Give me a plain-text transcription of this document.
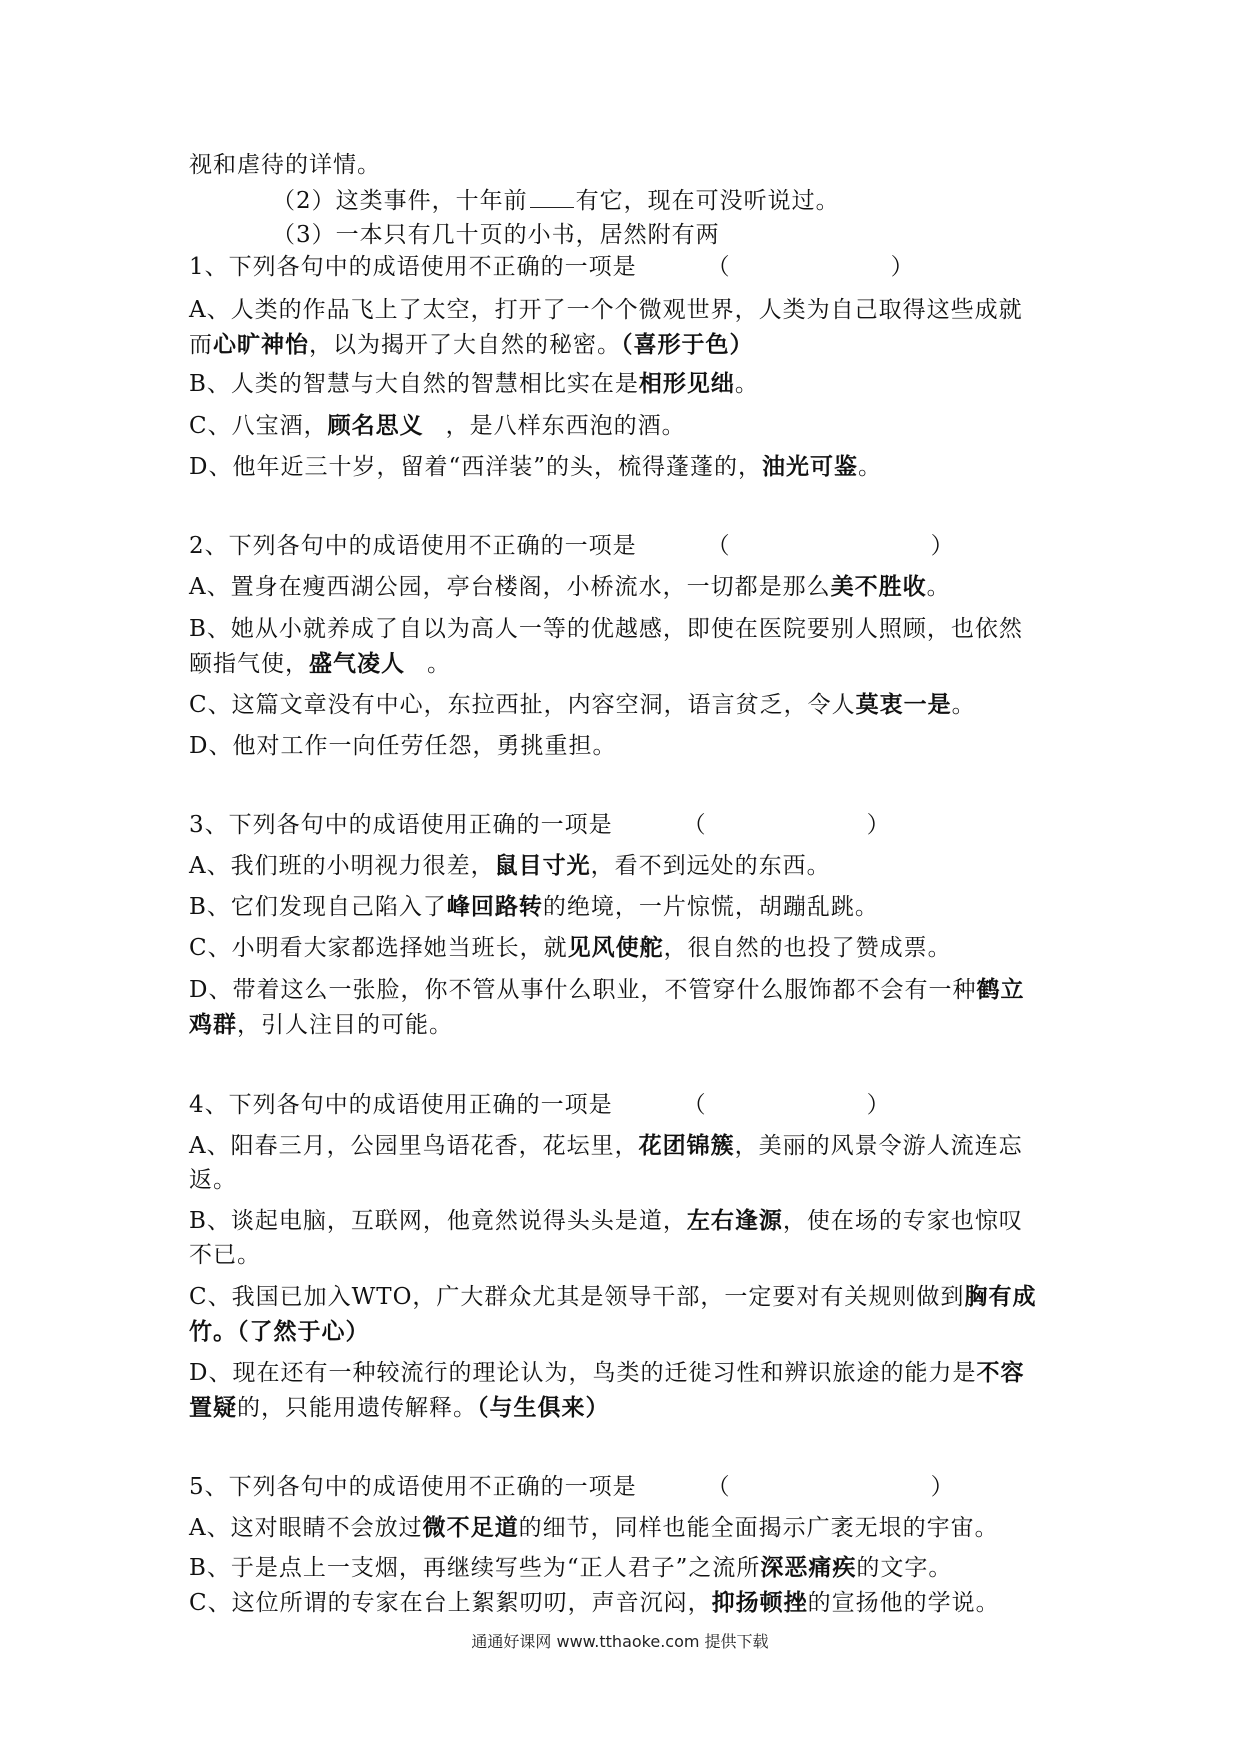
视和虐待的详情。
（2）这类事件，十年前 有它，现在可没听说过。
（3）一本只有几十页的小书，居然附有两
1、下列各句中的成语使用不正确的一项是	（	）
A、人类的作品飞上了太空，打开了一个个微观世界，人类为自己取得这些成就
而心旷神怡，以为揭开了大自然的秘密。（喜形于色）
B、人类的智慧与大自然的智慧相比实在是相形见绌。
C、八宝酒，顾名思义 ，是八样东西泡的酒。
D、他年近三十岁，留着“西洋装”的头，梳得蓬蓬的，油光可鉴。
2、下列各句中的成语使用不正确的一项是	（	）
A、置身在瘦西湖公园，亭台楼阁，小桥流水，一切都是那么美不胜收。
B、她从小就养成了自以为高人一等的优越感，即使在医院要别人照顾，也依然
颐指气使，盛气凌人 。
C、这篇文章没有中心，东拉西扯，内容空洞，语言贫乏，令人莫衷一是。
D、他对工作一向任劳任怨，勇挑重担。
3、下列各句中的成语使用正确的一项是	（	）
A、我们班的小明视力很差，鼠目寸光，看不到远处的东西。
B、它们发现自己陷入了峰回路转的绝境，一片惊慌，胡蹦乱跳。
C、小明看大家都选择她当班长，就见风使舵，很自然的也投了赞成票。
D、带着这么一张脸，你不管从事什么职业，不管穿什么服饰都不会有一种鹤立
鸡群，引人注目的可能。
4、下列各句中的成语使用正确的一项是	（	）
A、阳春三月，公园里鸟语花香，花坛里，花团锦簇，美丽的风景令游人流连忘
返。
B、谈起电脑，互联网，他竟然说得头头是道，左右逢源，使在场的专家也惊叹
不已。
C、我国已加入WTO，广大群众尤其是领导干部，一定要对有关规则做到胸有成
竹。（了然于心）
D、现在还有一种较流行的理论认为，鸟类的迁徙习性和辨识旅途的能力是不容
置疑的，只能用遗传解释。（与生俱来）
5、下列各句中的成语使用不正确的一项是	（	）
A、这对眼睛不会放过微不足道的细节，同样也能全面揭示广袤无垠的宇宙。
B、于是点上一支烟，再继续写些为“正人君子”之流所深恶痛疾的文字。
C、这位所谓的专家在台上絮絮叨叨，声音沉闷，抑扬顿挫的宣扬他的学说。
通通好课网 www.tthaoke.com 提供下载
